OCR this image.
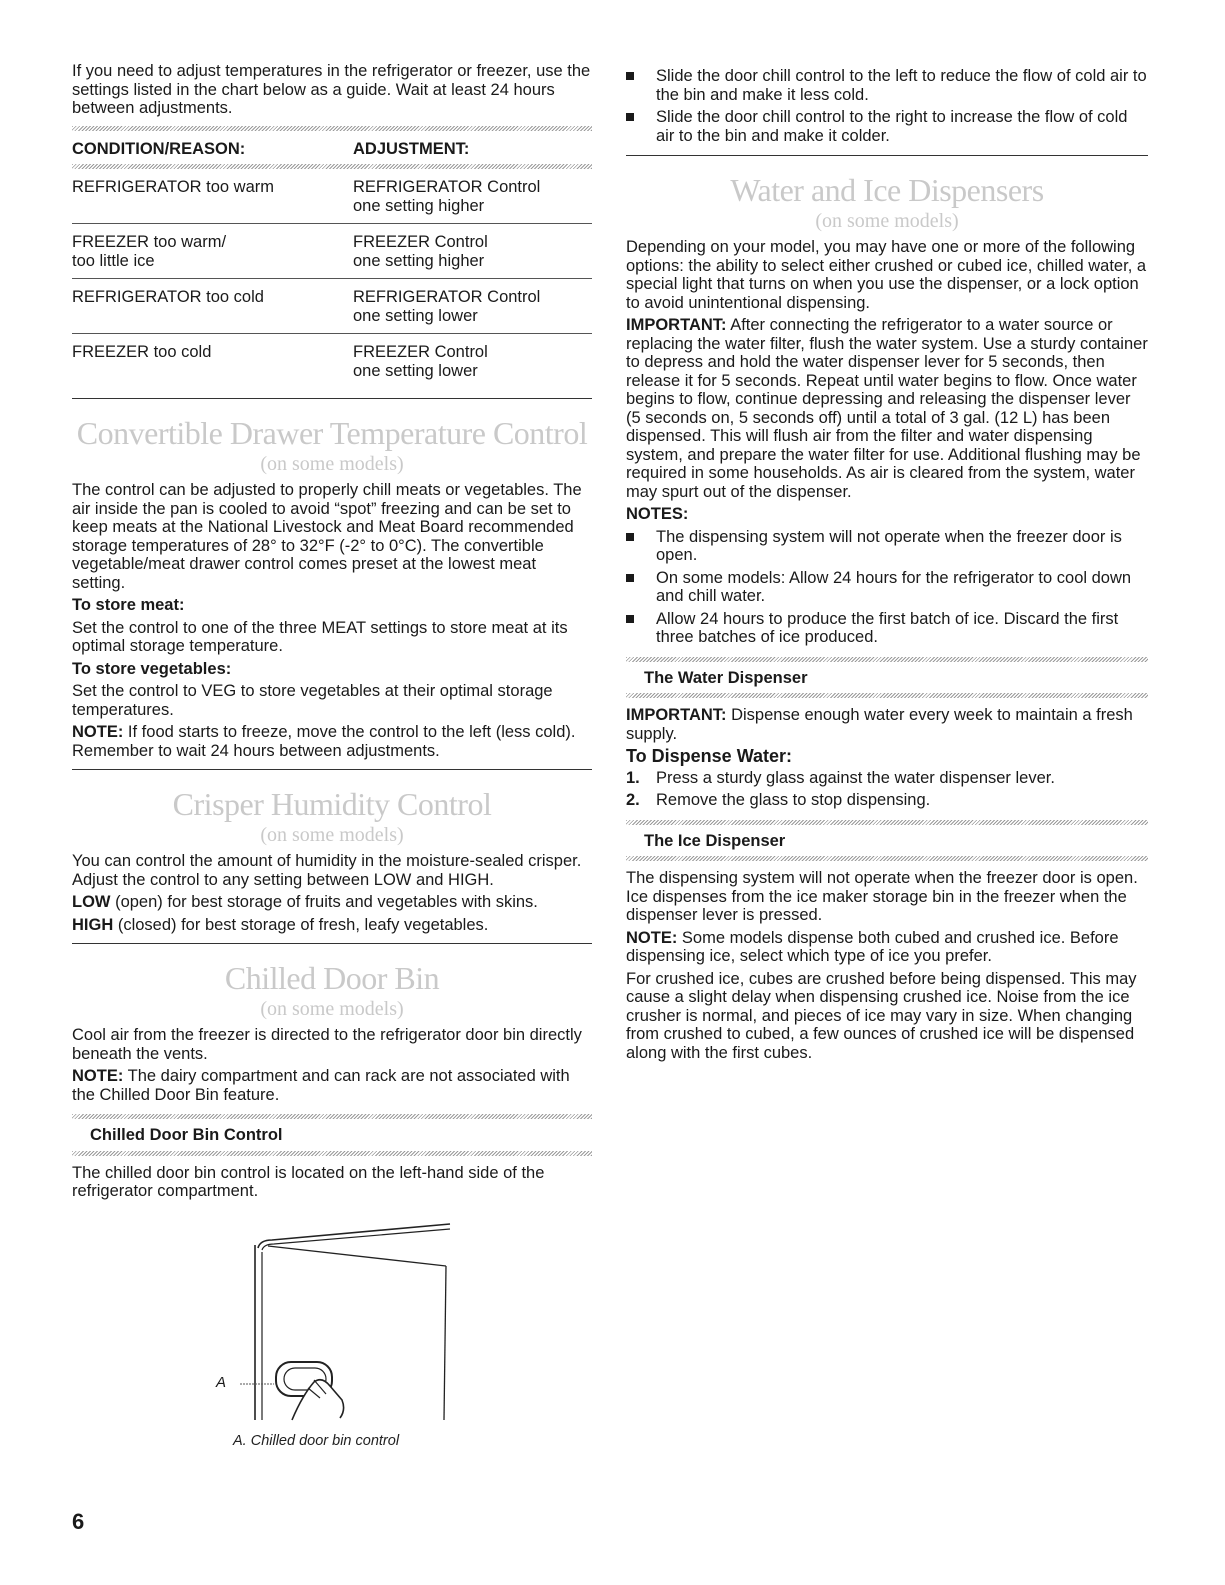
If you need to adjust temperatures in the refrigerator or freezer, use the settings listed in the chart below as a guide. Wait at least 24 hours between adjustments.

CONDITION/REASON:	ADJUSTMENT:

REFRIGERATOR too warm	REFRIGERATOR Control
one setting higher
FREEZER too warm/
too little ice	FREEZER Control
one setting higher
REFRIGERATOR too cold	REFRIGERATOR Control
one setting lower
FREEZER too cold	FREEZER Control
one setting lower
Convertible Drawer Temperature Control
(on some models)

The control can be adjusted to properly chill meats or vegetables. The air inside the pan is cooled to avoid “spot” freezing and can be set to keep meats at the National Livestock and Meat Board recommended storage temperatures of 28° to 32°F (-2° to 0°C). The convertible vegetable/meat drawer control comes preset at the lowest meat setting.

To store meat:

Set the control to one of the three MEAT settings to store meat at its optimal storage temperature.

To store vegetables:

Set the control to VEG to store vegetables at their optimal storage temperatures.

NOTE: If food starts to freeze, move the control to the left (less cold). Remember to wait 24 hours between adjustments.

Crisper Humidity Control
(on some models)

You can control the amount of humidity in the moisture-sealed crisper. Adjust the control to any setting between LOW and HIGH.

LOW (open) for best storage of fruits and vegetables with skins.

HIGH (closed) for best storage of fresh, leafy vegetables.

Chilled Door Bin
(on some models)

Cool air from the freezer is directed to the refrigerator door bin directly beneath the vents.

NOTE: The dairy compartment and can rack are not associated with the Chilled Door Bin feature.

Chilled Door Bin Control

The chilled door bin control is located on the left-hand side of the refrigerator compartment.

A
A. Chilled door bin control
6
Slide the door chill control to the left to reduce the flow of cold air to the bin and make it less cold.
Slide the door chill control to the right to increase the flow of cold air to the bin and make it colder.
Water and Ice Dispensers
(on some models)

Depending on your model, you may have one or more of the following options: the ability to select either crushed or cubed ice, chilled water, a special light that turns on when you use the dispenser, or a lock option to avoid unintentional dispensing.

IMPORTANT: After connecting the refrigerator to a water source or replacing the water filter, flush the water system. Use a sturdy container to depress and hold the water dispenser lever for 5 seconds, then release it for 5 seconds. Repeat until water begins to flow. Once water begins to flow, continue depressing and releasing the dispenser lever (5 seconds on, 5 seconds off) until a total of 3 gal. (12 L) has been dispensed. This will flush air from the filter and water dispensing system, and prepare the water filter for use. Additional flushing may be required in some households. As air is cleared from the system, water may spurt out of the dispenser.

NOTES:

The dispensing system will not operate when the freezer door is open.
On some models: Allow 24 hours for the refrigerator to cool down and chill water.
Allow 24 hours to produce the first batch of ice. Discard the first three batches of ice produced.
The Water Dispenser

IMPORTANT: Dispense enough water every week to maintain a fresh supply.

To Dispense Water:
1. Press a sturdy glass against the water dispenser lever.
2. Remove the glass to stop dispensing.
The Ice Dispenser

The dispensing system will not operate when the freezer door is open. Ice dispenses from the ice maker storage bin in the freezer when the dispenser lever is pressed.

NOTE: Some models dispense both cubed and crushed ice. Before dispensing ice, select which type of ice you prefer.

For crushed ice, cubes are crushed before being dispensed. This may cause a slight delay when dispensing crushed ice. Noise from the ice crusher is normal, and pieces of ice may vary in size. When changing from crushed to cubed, a few ounces of crushed ice will be dispensed along with the first cubes.
